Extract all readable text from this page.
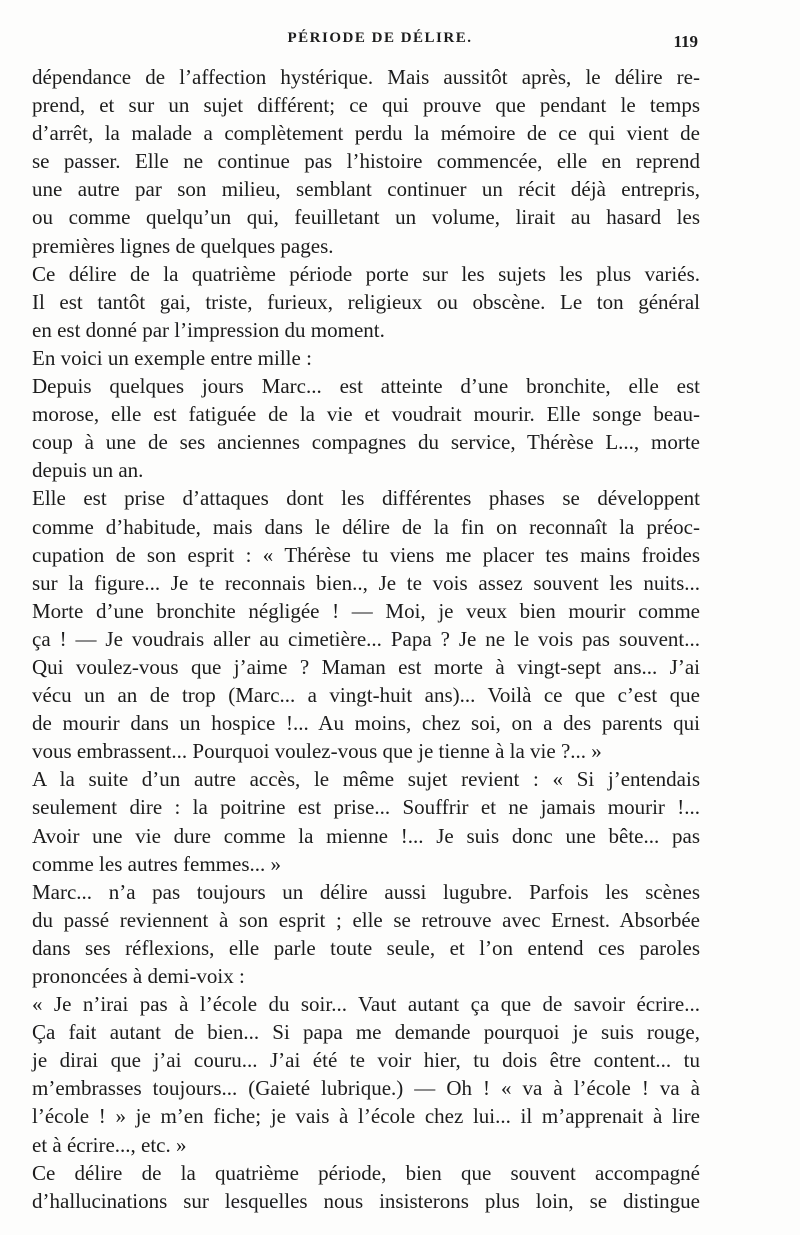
PÉRIODE DE DÉLIRE.	119
dépendance de l’affection hystérique. Mais aussitôt après, le délire re-
prend, et sur un sujet différent; ce qui prouve que pendant le temps
d’arrêt, la malade a complètement perdu la mémoire de ce qui vient de
se passer. Elle ne continue pas l’histoire commencée, elle en reprend
une autre par son milieu, semblant continuer un récit déjà entrepris,
ou comme quelqu’un qui, feuilletant un volume, lirait au hasard les
premières lignes de quelques pages.
Ce délire de la quatrième période porte sur les sujets les plus variés.
Il est tantôt gai, triste, furieux, religieux ou obscène. Le ton général
en est donné par l’impression du moment.
En voici un exemple entre mille :
Depuis quelques jours Marc... est atteinte d’une bronchite, elle est
morose, elle est fatiguée de la vie et voudrait mourir. Elle songe beau-
coup à une de ses anciennes compagnes du service, Thérèse L..., morte
depuis un an.
Elle est prise d’attaques dont les différentes phases se développent
comme d’habitude, mais dans le délire de la fin on reconnaît la préoc-
cupation de son esprit : « Thérèse tu viens me placer tes mains froides
sur la figure... Je te reconnais bien.., Je te vois assez souvent les nuits...
Morte d’une bronchite négligée ! — Moi, je veux bien mourir comme
ça ! — Je voudrais aller au cimetière... Papa ? Je ne le vois pas souvent...
Qui voulez-vous que j’aime ? Maman est morte à vingt-sept ans... J’ai
vécu un an de trop (Marc... a vingt-huit ans)... Voilà ce que c’est que
de mourir dans un hospice !... Au moins, chez soi, on a des parents qui
vous embrassent... Pourquoi voulez-vous que je tienne à la vie ?... »
A la suite d’un autre accès, le même sujet revient : « Si j’entendais
seulement dire : la poitrine est prise... Souffrir et ne jamais mourir !...
Avoir une vie dure comme la mienne !... Je suis donc une bête... pas
comme les autres femmes... »
Marc... n’a pas toujours un délire aussi lugubre. Parfois les scènes
du passé reviennent à son esprit ; elle se retrouve avec Ernest. Absorbée
dans ses réflexions, elle parle toute seule, et l’on entend ces paroles
prononcées à demi-voix :
« Je n’irai pas à l’école du soir... Vaut autant ça que de savoir écrire...
Ça fait autant de bien... Si papa me demande pourquoi je suis rouge,
je dirai que j’ai couru... J’ai été te voir hier, tu dois être content... tu
m’embrasses toujours... (Gaieté lubrique.) — Oh ! « va à l’école ! va à
l’école ! » je m’en fiche; je vais à l’école chez lui... il m’apprenait à lire
et à écrire..., etc. »
Ce délire de la quatrième période, bien que souvent accompagné
d’hallucinations sur lesquelles nous insisterons plus loin, se distingue
